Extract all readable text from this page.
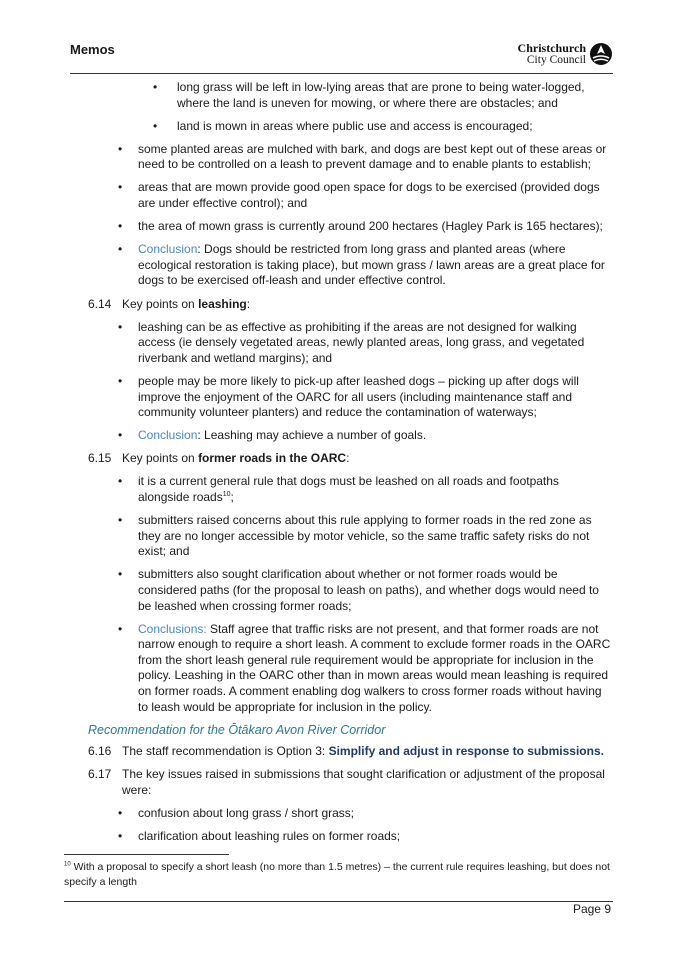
Memos	Christchurch
City Council
• long grass will be left in low-lying areas that are prone to being water-logged, where the land is uneven for mowing, or where there are obstacles; and
• land is mown in areas where public use and access is encouraged;
• some planted areas are mulched with bark, and dogs are best kept out of these areas or need to be controlled on a leash to prevent damage and to enable plants to establish;
• areas that are mown provide good open space for dogs to be exercised (provided dogs are under effective control); and
• the area of mown grass is currently around 200 hectares (Hagley Park is 165 hectares);
• Conclusion: Dogs should be restricted from long grass and planted areas (where ecological restoration is taking place), but mown grass / lawn areas are a great place for dogs to be exercised off-leash and under effective control.
6.14 Key points on leashing:
• leashing can be as effective as prohibiting if the areas are not designed for walking access (ie densely vegetated areas, newly planted areas, long grass, and vegetated riverbank and wetland margins); and
• people may be more likely to pick-up after leashed dogs – picking up after dogs will improve the enjoyment of the OARC for all users (including maintenance staff and community volunteer planters) and reduce the contamination of waterways;
• Conclusion: Leashing may achieve a number of goals.
6.15 Key points on former roads in the OARC:
• it is a current general rule that dogs must be leashed on all roads and footpaths alongside roads$^{10}$;
• submitters raised concerns about this rule applying to former roads in the red zone as they are no longer accessible by motor vehicle, so the same traffic safety risks do not exist; and
• submitters also sought clarification about whether or not former roads would be considered paths (for the proposal to leash on paths), and whether dogs would need to be leashed when crossing former roads;
• Conclusions: Staff agree that traffic risks are not present, and that former roads are not narrow enough to require a short leash. A comment to exclude former roads in the OARC from the short leash general rule requirement would be appropriate for inclusion in the policy. Leashing in the OARC other than in mown areas would mean leashing is required on former roads. A comment enabling dog walkers to cross former roads without having to leash would be appropriate for inclusion in the policy.
Recommendation for the Ōtākaro Avon River Corridor
6.16 The staff recommendation is Option 3: Simplify and adjust in response to submissions.
6.17 The key issues raised in submissions that sought clarification or adjustment of the proposal were:
• confusion about long grass / short grass;
• clarification about leashing rules on former roads;
$^{10}$ With a proposal to specify a short leash (no more than 1.5 metres) – the current rule requires leashing, but does not specify a length
Page 9
